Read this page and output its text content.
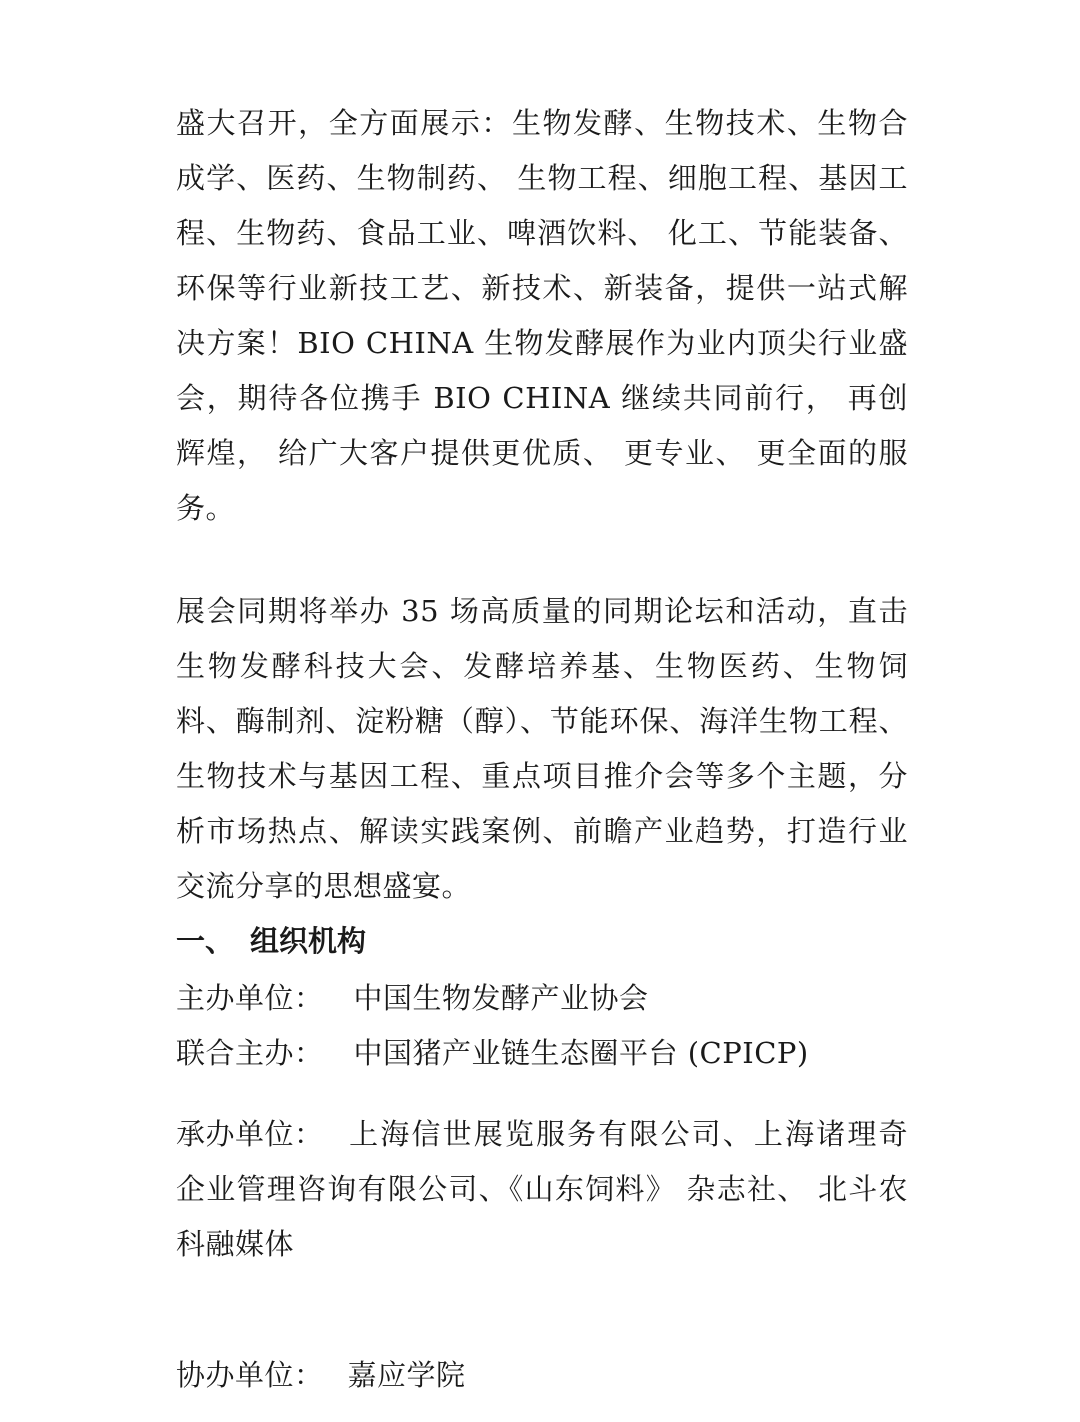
盛大召开，全方面展示：生物发酵、生物技术、生物合成学、医药、生物制药、 生物工程、细胞工程、基因工程、生物药、食品工业、啤酒饮料、 化工、节能装备、环保等行业新技工艺、新技术、新装备，提供一站式解决方案！BIO CHINA 生物发酵展作为业内顶尖行业盛会，期待各位携手 BIO CHINA 继续共同前行， 再创辉煌， 给广大客户提供更优质、 更专业、 更全面的服务。

展会同期将举办 35 场高质量的同期论坛和活动，直击生物发酵科技大会、发酵培养基、生物医药、生物饲料、酶制剂、淀粉糖（醇）、节能环保、海洋生物工程、生物技术与基因工程、重点项目推介会等多个主题，分析市场热点、解读实践案例、前瞻产业趋势，打造行业交流分享的思想盛宴。

一、 组织机构

主办单位： 中国生物发酵产业协会

联合主办： 中国猪产业链生态圈平台 (CPICP)

承办单位： 上海信世展览服务有限公司、上海诸理奇企业管理咨询有限公司、《山东饲料》 杂志社、 北斗农科融媒体

协办单位： 嘉应学院
